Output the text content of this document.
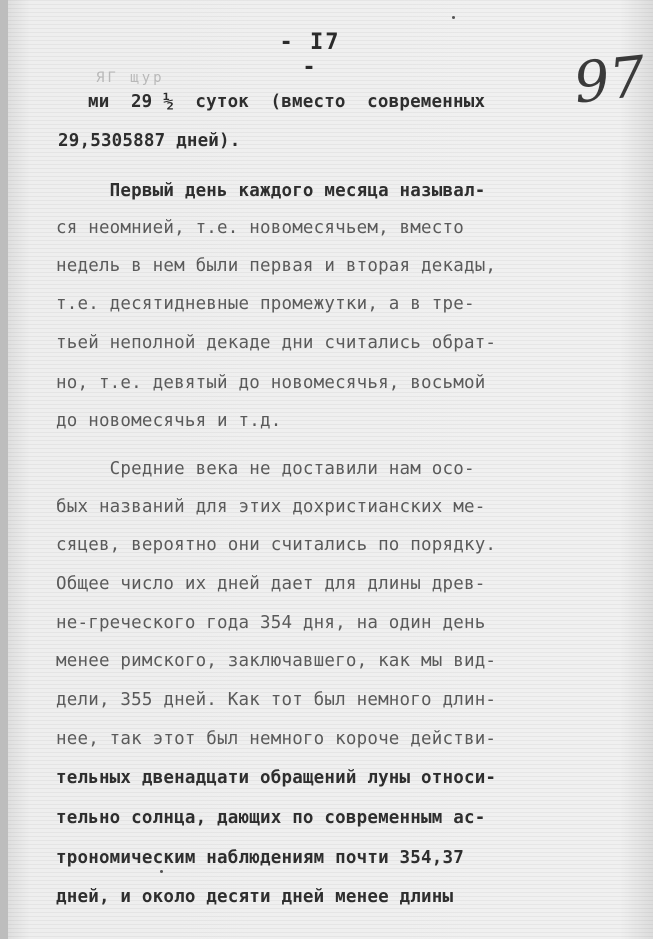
- I7 -
ЯГ щур	97
ми  29 ½  суток  (вместо  современных
29,5305887 дней).
Первый день каждого месяца называл-
ся неомнией, т.е. новомесячьем, вместо
недель в нем были первая и вторая декады,
т.е. десятидневные промежутки, а в тре-
тьей неполной декаде дни считались обрат-
но, т.е. девятый до новомесячья, восьмой
до новомесячья и т.д.
Средние века не доставили нам осо-
бых названий для этих дохристианских ме-
сяцев, вероятно они считались по порядку.
Общее число их дней дает для длины древ-
не-греческого года 354 дня, на один день
менее римского, заключавшего, как мы вид-
дели, 355 дней. Как тот был немного длин-
нее, так этот был немного короче действи-
тельных двенадцати обращений луны относи-
тельно солнца, дающих по современным ас-
трономическим наблюдениям почти 354,37
дней, и около десяти дней менее длины
